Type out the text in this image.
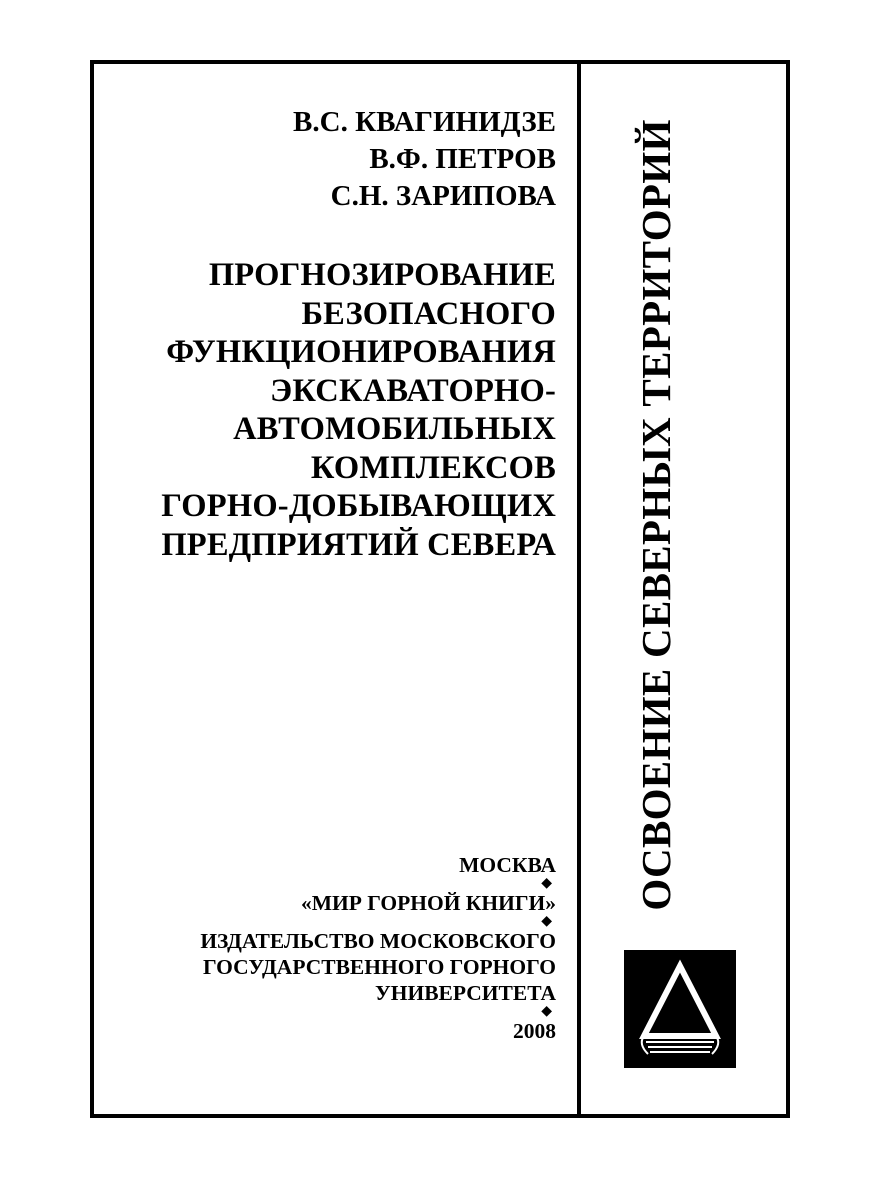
В.С. КВАГИНИДЗЕ
В.Ф. ПЕТРОВ
С.Н. ЗАРИПОВА
ПРОГНОЗИРОВАНИЕ
БЕЗОПАСНОГО
ФУНКЦИОНИРОВАНИЯ
ЭКСКАВАТОРНО-
АВТОМОБИЛЬНЫХ
КОМПЛЕКСОВ
ГОРНО-ДОБЫВАЮЩИХ
ПРЕДПРИЯТИЙ СЕВЕРА
МОСКВА
◆
«МИР ГОРНОЙ КНИГИ»
◆
ИЗДАТЕЛЬСТВО МОСКОВСКОГО
ГОСУДАРСТВЕННОГО ГОРНОГО
УНИВЕРСИТЕТА
◆
2008
ОСВОЕНИЕ СЕВЕРНЫХ ТЕРРИТОРИЙ
